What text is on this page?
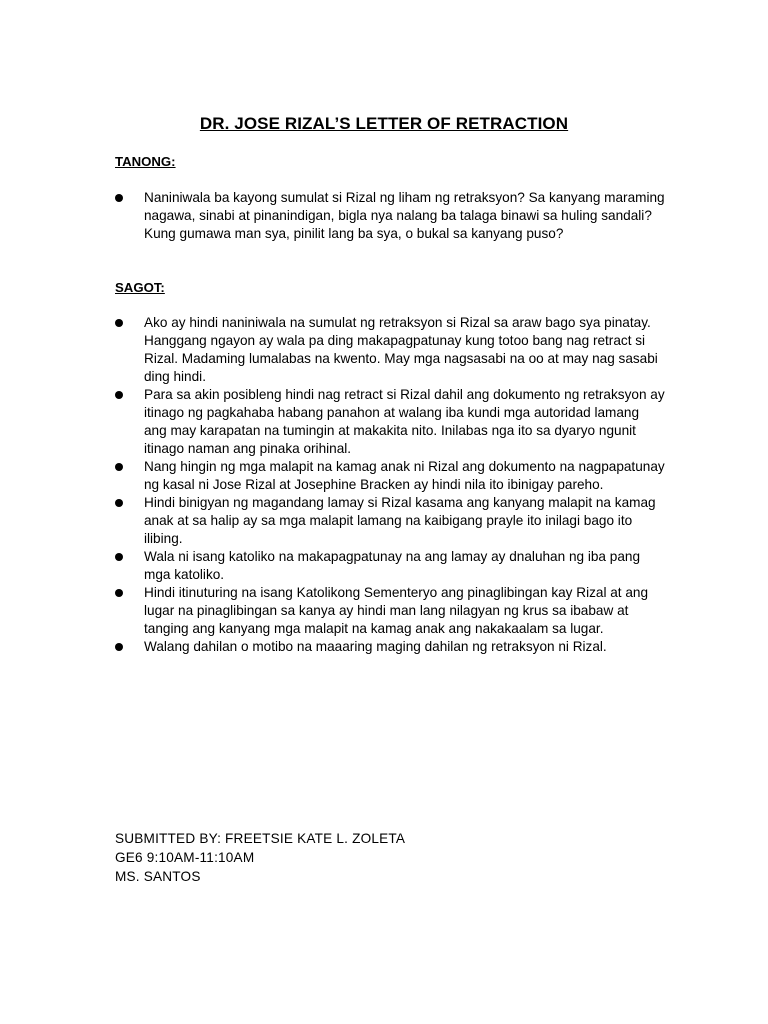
DR. JOSE RIZAL’S LETTER OF RETRACTION
TANONG:
Naniniwala ba kayong sumulat si Rizal ng liham ng retraksyon? Sa kanyang maraming nagawa, sinabi at pinanindigan, bigla nya nalang ba talaga binawi sa huling sandali? Kung gumawa man sya, pinilit lang ba sya, o bukal sa kanyang puso?
SAGOT:
Ako ay hindi naniniwala na sumulat ng retraksyon si Rizal sa araw bago sya pinatay. Hanggang ngayon ay wala pa ding makapagpatunay kung totoo bang nag retract si Rizal. Madaming lumalabas na kwento. May mga nagsasabi na oo at may nag sasabi ding hindi.
Para sa akin posibleng hindi nag retract si Rizal dahil ang dokumento ng retraksyon ay itinago ng pagkahaba habang panahon at walang iba kundi mga autoridad lamang ang may karapatan na tumingin at makakita nito. Inilabas nga ito sa dyaryo ngunit itinago naman ang pinaka orihinal.
Nang hingin ng mga malapit na kamag anak ni Rizal ang dokumento na nagpapatunay ng kasal ni Jose Rizal at Josephine Bracken ay hindi nila ito ibinigay pareho.
Hindi binigyan ng magandang lamay si Rizal kasama ang kanyang malapit na kamag anak at sa halip ay sa mga malapit lamang na kaibigang prayle ito inilagi bago ito ilibing.
Wala ni isang katoliko na makapagpatunay na ang lamay ay dnaluhan ng iba pang mga katoliko.
Hindi itinuturing na isang Katolikong Sementeryo ang pinaglibingan kay Rizal at ang lugar na pinaglibingan sa kanya ay hindi man lang nilagyan ng krus sa ibabaw at tanging ang kanyang mga malapit na kamag anak ang nakakaalam sa lugar.
Walang dahilan o motibo na maaaring maging dahilan ng retraksyon ni Rizal.
SUBMITTED BY: FREETSIE KATE L. ZOLETA
GE6 9:10AM-11:10AM
MS. SANTOS
